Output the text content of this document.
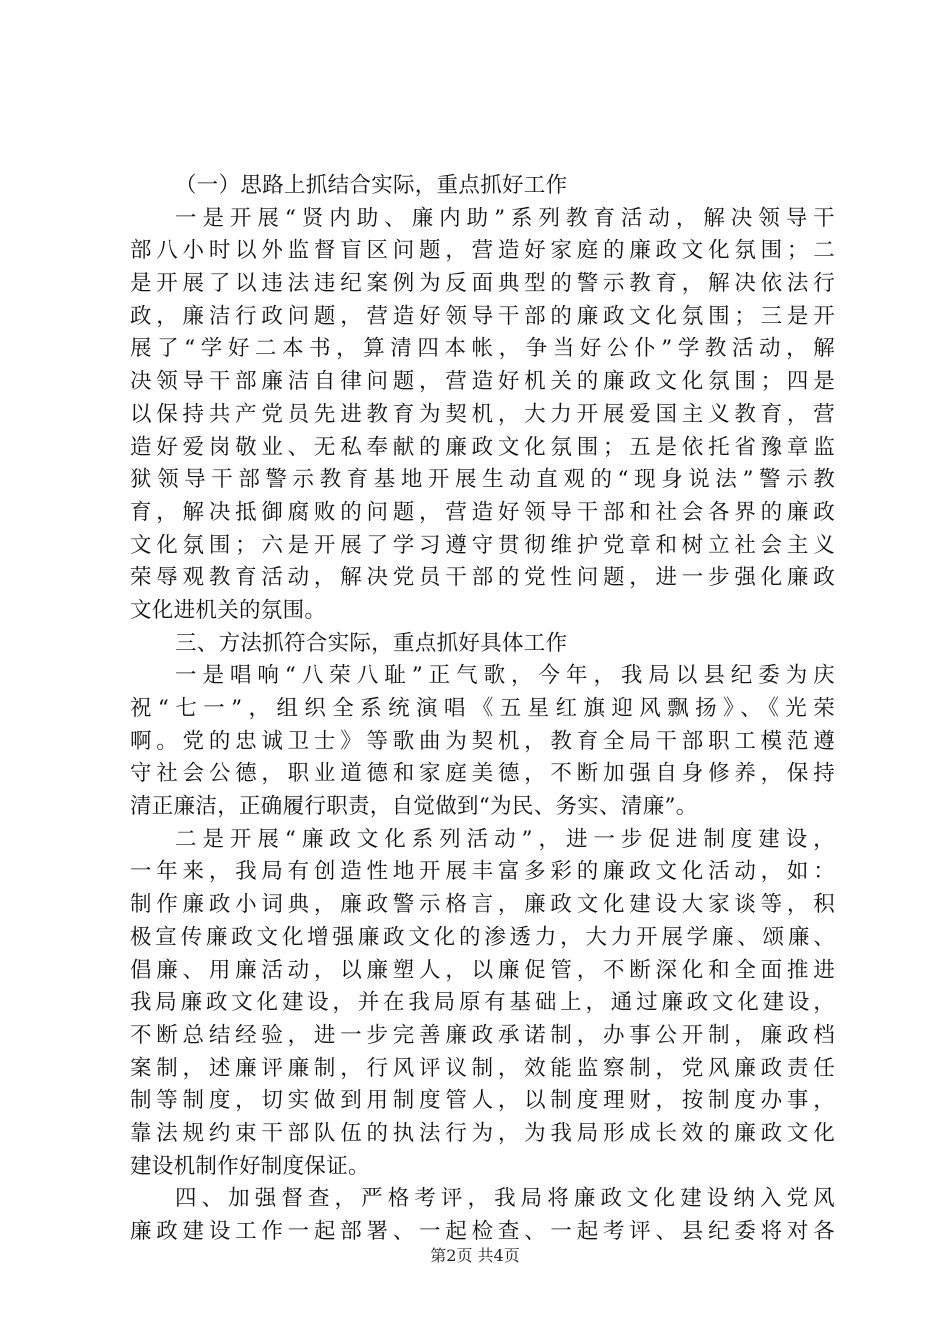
（一）思路上抓结合实际，重点抓好工作
一是开展“贤内助、廉内助”系列教育活动，解决领导干
部八小时以外监督盲区问题，营造好家庭的廉政文化氛围；二
是开展了以违法违纪案例为反面典型的警示教育，解决依法行
政，廉洁行政问题，营造好领导干部的廉政文化氛围；三是开
展了“学好二本书，算清四本帐，争当好公仆”学教活动，解
决领导干部廉洁自律问题，营造好机关的廉政文化氛围；四是
以保持共产党员先进教育为契机，大力开展爱国主义教育，营
造好爱岗敬业、无私奉献的廉政文化氛围；五是依托省豫章监
狱领导干部警示教育基地开展生动直观的“现身说法”警示教
育，解决抵御腐败的问题，营造好领导干部和社会各界的廉政
文化氛围；六是开展了学习遵守贯彻维护党章和树立社会主义
荣辱观教育活动，解决党员干部的党性问题，进一步强化廉政
文化进机关的氛围。
三、方法抓符合实际，重点抓好具体工作
一是唱响“八荣八耻”正气歌，今年，我局以县纪委为庆
祝“七一”，组织全系统演唱《五星红旗迎风飘扬》、《光荣
啊。党的忠诚卫士》等歌曲为契机，教育全局干部职工模范遵
守社会公德，职业道德和家庭美德，不断加强自身修养，保持
清正廉洁，正确履行职责，自觉做到“为民、务实、清廉”。
二是开展“廉政文化系列活动”，进一步促进制度建设，
一年来，我局有创造性地开展丰富多彩的廉政文化活动，如：
制作廉政小词典，廉政警示格言，廉政文化建设大家谈等，积
极宣传廉政文化增强廉政文化的渗透力，大力开展学廉、颂廉、
倡廉、用廉活动，以廉塑人，以廉促管，不断深化和全面推进
我局廉政文化建设，并在我局原有基础上，通过廉政文化建设，
不断总结经验，进一步完善廉政承诺制，办事公开制，廉政档
案制，述廉评廉制，行风评议制，效能监察制，党风廉政责任
制等制度，切实做到用制度管人，以制度理财，按制度办事，
靠法规约束干部队伍的执法行为，为我局形成长效的廉政文化
建设机制作好制度保证。
四、加强督查，严格考评，我局将廉政文化建设纳入党风
廉政建设工作一起部署、一起检查、一起考评、县纪委将对各
第2页 共4页
